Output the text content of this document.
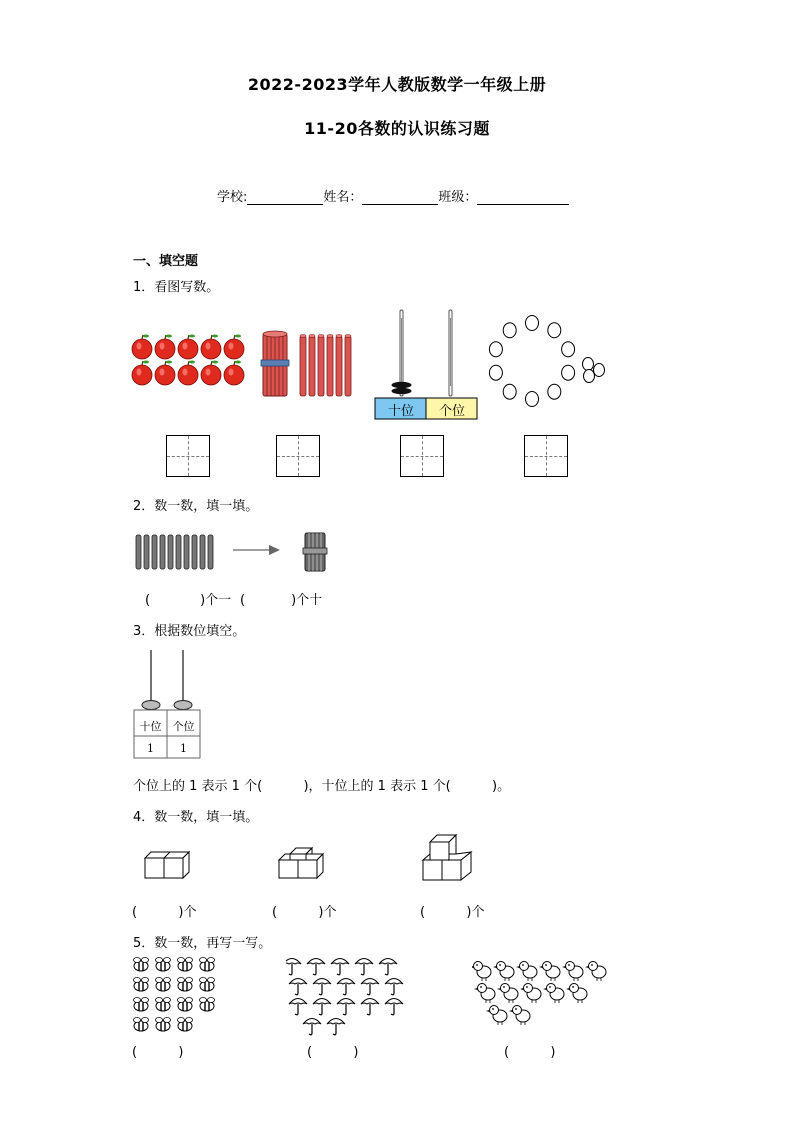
2022-2023学年人教版数学一年级上册
11-20各数的认识练习题
学校:	姓名：	班级：
一、填空题
1．看图写数。
十位	个位
2．数一数，填一填。
(	)个一 (	)个十
3．根据数位填空。
十位	个位
1	1
个位上的 1 表示 1 个(          )，十位上的 1 表示 1 个(          )。
4．数一数，填一填。
(          )个	(          )个	(          )个
5．数一数，再写一写。
(          )	(          )	(          )
